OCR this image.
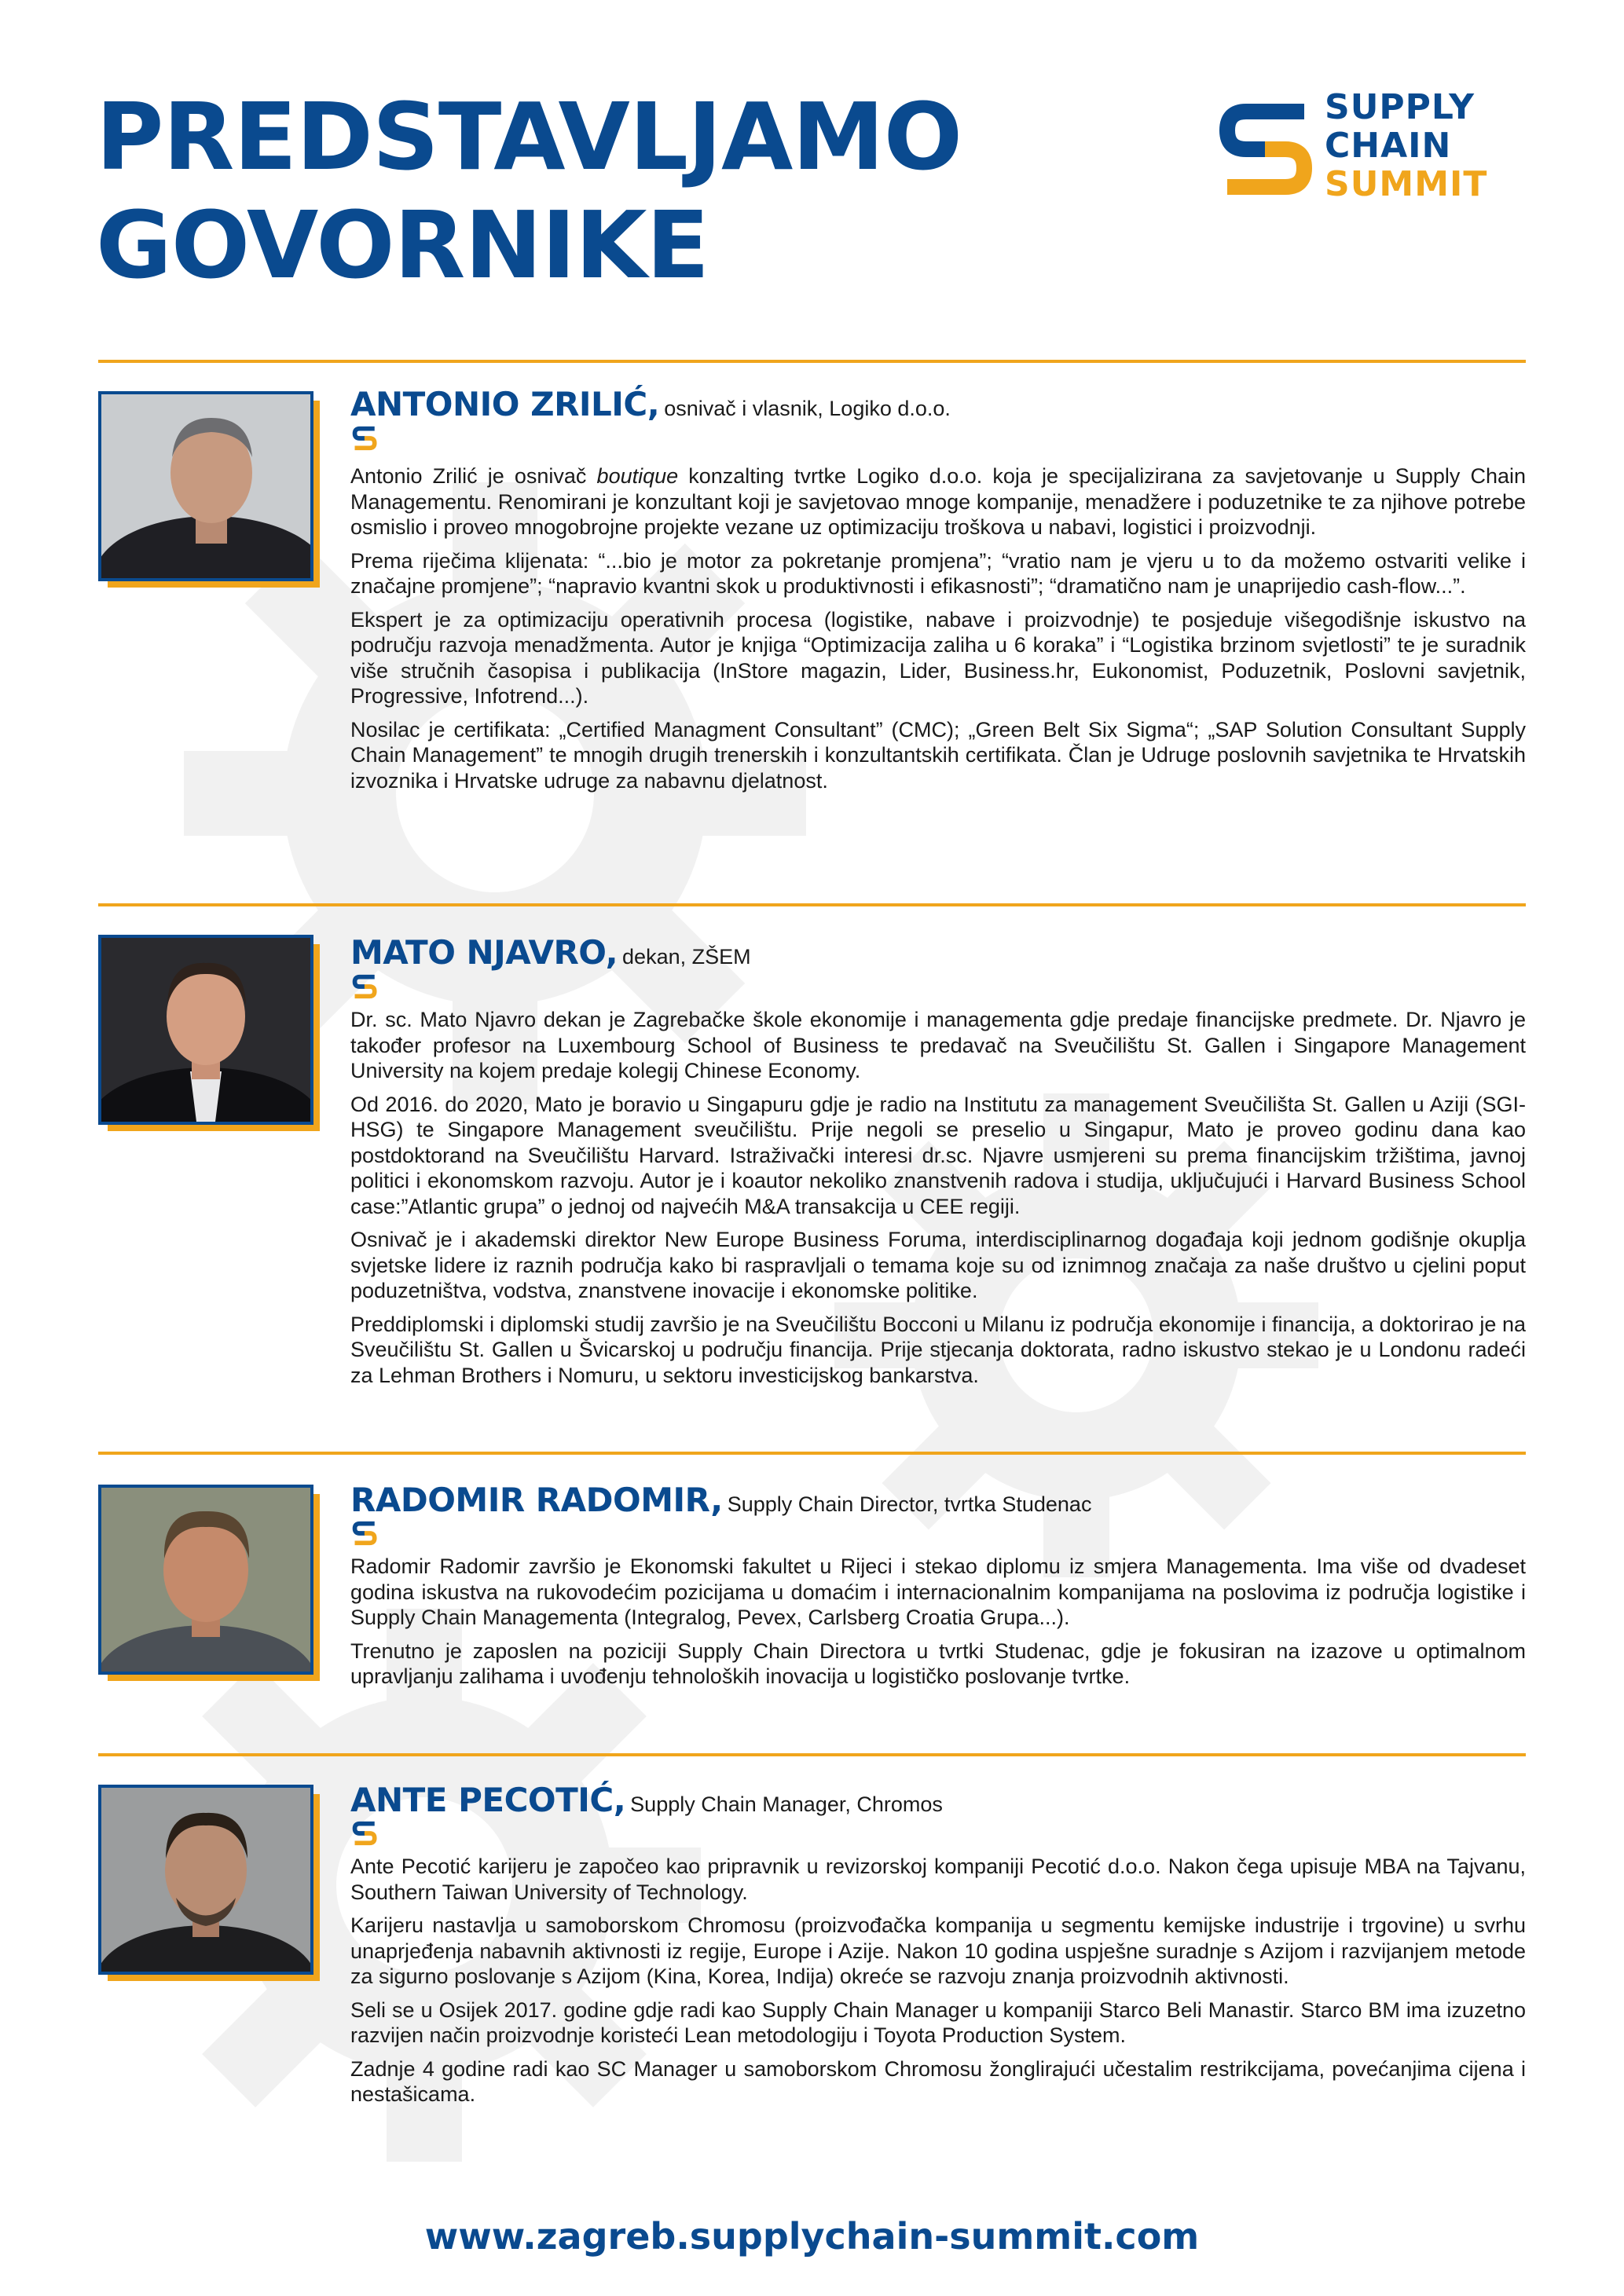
PREDSTAVLJAMO
GOVORNIKE
SUPPLY
CHAIN
SUMMIT

ANTONIO ZRILIĆ, osnivač i vlasnik, Logiko d.o.o.

Antonio Zrilić je osnivač boutique konzalting tvrtke Logiko d.o.o. koja je specijalizirana za savjetovanje u Supply Chain Managementu. Renomirani je konzultant koji je savjetovao mnoge kompanije, menadžere i poduzetnike te za njihove potrebe osmislio i proveo mnogobrojne projekte vezane uz optimizaciju troškova u nabavi, logistici i proizvodnji.

Prema riječima klijenata: “...bio je motor za pokretanje promjena”; “vratio nam je vjeru u to da možemo ostvariti velike i značajne promjene”; “napravio kvantni skok u produktivnosti i efikasnosti”; “dramatično nam je unaprijedio cash-flow...”.

Ekspert je za optimizaciju operativnih procesa (logistike, nabave i proizvodnje) te posjeduje višegodišnje iskustvo na području razvoja menadžmenta. Autor je knjiga “Optimizacija zaliha u 6 koraka” i “Logistika brzinom svjetlosti” te je suradnik više stručnih časopisa i publikacija (InStore magazin, Lider, Business.hr, Eukonomist, Poduzetnik, Poslovni savjetnik, Progressive, Infotrend...).

Nosilac je certifikata: „Certified Managment Consultant” (CMC); „Green Belt Six Sigma“; „SAP Solution Consultant Supply Chain Management” te mnogih drugih trenerskih i konzultantskih certifikata. Član je Udruge poslovnih savjetnika te Hrvatskih izvoznika i Hrvatske udruge za nabavnu djelatnost.

MATO NJAVRO, dekan, ZŠEM

Dr. sc. Mato Njavro dekan je Zagrebačke škole ekonomije i managementa gdje predaje financijske predmete. Dr. Njavro je također profesor na Luxembourg School of Business te predavač na Sveučilištu St. Gallen i Singapore Management University na kojem predaje kolegij Chinese Economy.

Od 2016. do 2020, Mato je boravio u Singapuru gdje je radio na Institutu za management Sveučilišta St. Gallen u Aziji (SGI-HSG) te Singapore Management sveučilištu. Prije negoli se preselio u Singapur, Mato je proveo godinu dana kao postdoktorand na Sveučilištu Harvard. Istraživački interesi dr.sc. Njavre usmjereni su prema financijskim tržištima, javnoj politici i ekonomskom razvoju. Autor je i koautor nekoliko znanstvenih radova i studija, uključujući i Harvard Business School case:”Atlantic grupa” o jednoj od najvećih M&A transakcija u CEE regiji.

Osnivač je i akademski direktor New Europe Business Foruma, interdisciplinarnog događaja koji jednom godišnje okuplja svjetske lidere iz raznih područja kako bi raspravljali o temama koje su od iznimnog značaja za naše društvo u cjelini poput poduzetništva, vodstva, znanstvene inovacije i ekonomske politike.

Preddiplomski i diplomski studij završio je na Sveučilištu Bocconi u Milanu iz područja ekonomije i financija, a doktorirao je na Sveučilištu St. Gallen u Švicarskoj u području financija. Prije stjecanja doktorata, radno iskustvo stekao je u Londonu radeći za Lehman Brothers i Nomuru, u sektoru investicijskog bankarstva.

RADOMIR RADOMIR, Supply Chain Director, tvrtka Studenac

Radomir Radomir završio je Ekonomski fakultet u Rijeci i stekao diplomu iz smjera Managementa. Ima više od dvadeset godina iskustva na rukovodećim pozicijama u domaćim i internacionalnim kompanijama na poslovima iz područja logistike i Supply Chain Managementa (Integralog, Pevex, Carlsberg Croatia Grupa...).

Trenutno je zaposlen na poziciji Supply Chain Directora u tvrtki Studenac, gdje je fokusiran na izazove u optimalnom upravljanju zalihama i uvođenju tehnoloških inovacija u logističko poslovanje tvrtke.

ANTE PECOTIĆ, Supply Chain Manager, Chromos

Ante Pecotić karijeru je započeo kao pripravnik u revizorskoj kompaniji Pecotić d.o.o. Nakon čega upisuje MBA na Tajvanu, Southern Taiwan University of Technology.

Karijeru nastavlja u samoborskom Chromosu (proizvođačka kompanija u segmentu kemijske industrije i trgovine) u svrhu unaprjeđenja nabavnih aktivnosti iz regije, Europe i Azije. Nakon 10 godina uspješne suradnje s Azijom i razvijanjem metode za sigurno poslovanje s Azijom (Kina, Korea, Indija) okreće se razvoju znanja proizvodnih aktivnosti.

Seli se u Osijek 2017. godine gdje radi kao Supply Chain Manager u kompaniji Starco Beli Manastir. Starco BM ima izuzetno razvijen način proizvodnje koristeći Lean metodologiju i Toyota Production System.

Zadnje 4 godine radi kao SC Manager u samoborskom Chromosu žonglirajući učestalim restrikcijama, povećanjima cijena i nestašicama.

www.zagreb.supplychain-summit.com
